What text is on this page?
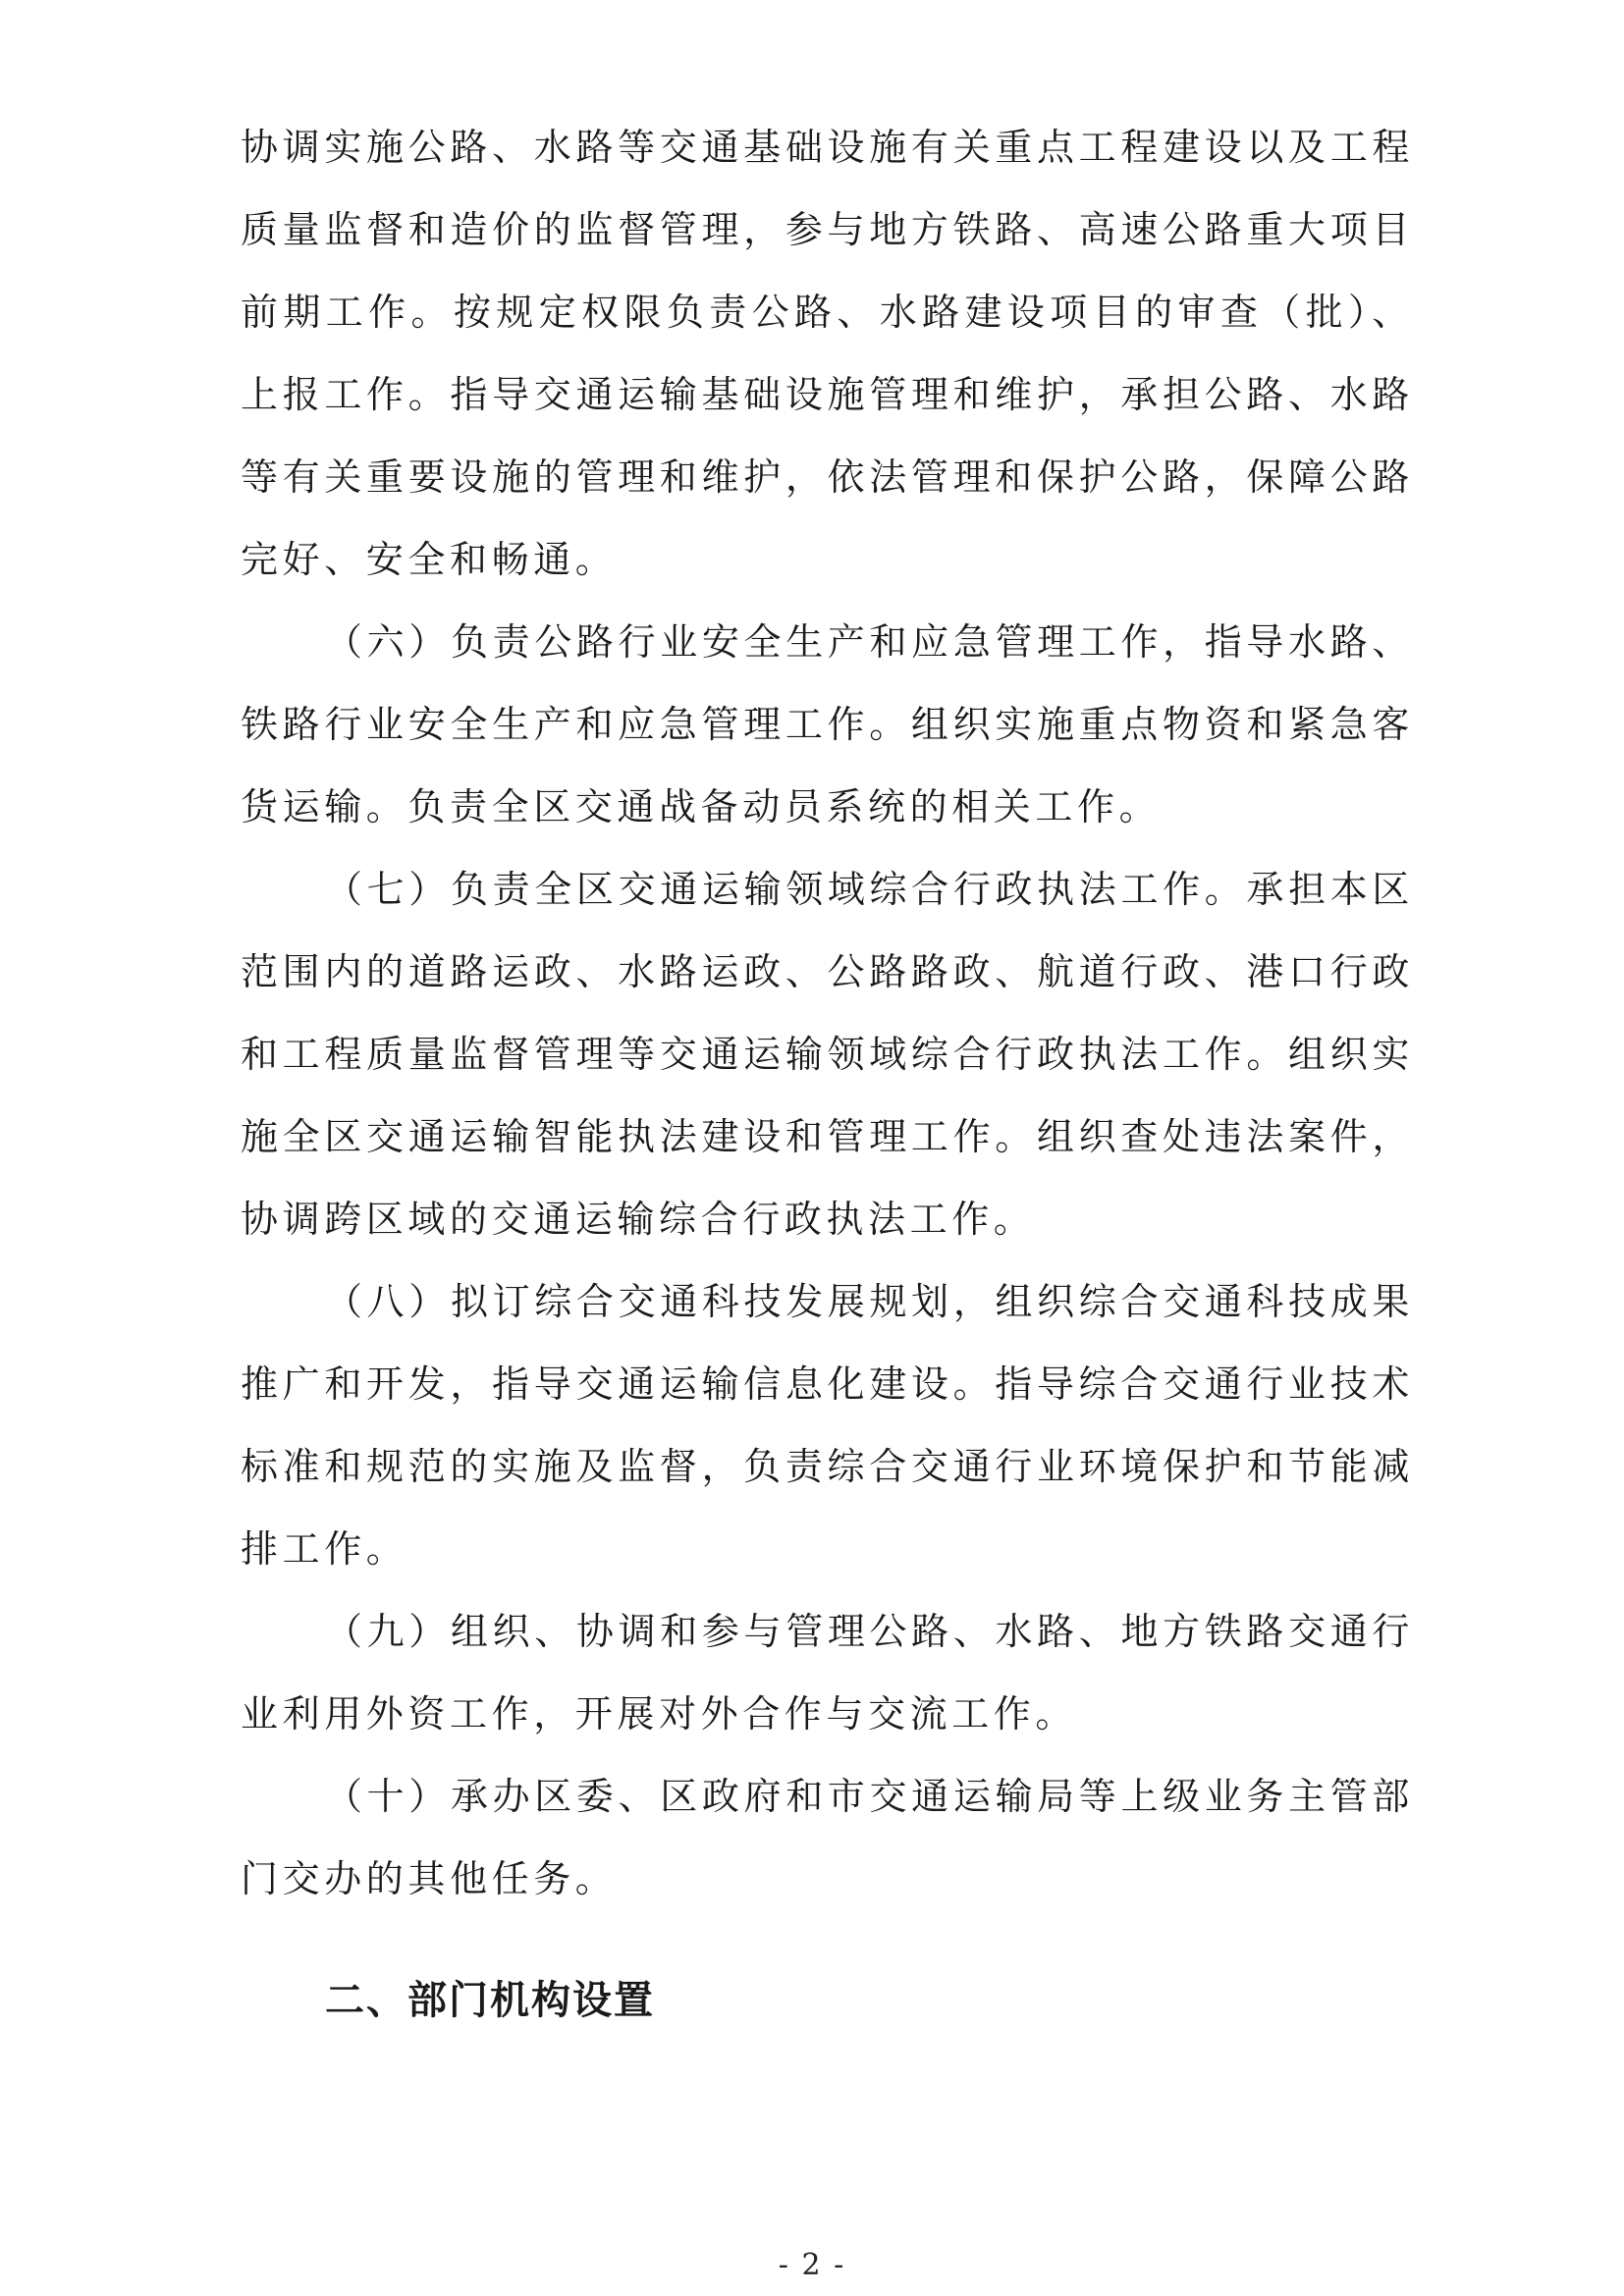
协调实施公路、水路等交通基础设施有关重点工程建设以及工程质量监督和造价的监督管理，参与地方铁路、高速公路重大项目前期工作。按规定权限负责公路、水路建设项目的审查（批）、上报工作。指导交通运输基础设施管理和维护，承担公路、水路等有关重要设施的管理和维护，依法管理和保护公路，保障公路完好、安全和畅通。

（六）负责公路行业安全生产和应急管理工作，指导水路、铁路行业安全生产和应急管理工作。组织实施重点物资和紧急客货运输。负责全区交通战备动员系统的相关工作。

（七）负责全区交通运输领域综合行政执法工作。承担本区范围内的道路运政、水路运政、公路路政、航道行政、港口行政和工程质量监督管理等交通运输领域综合行政执法工作。组织实施全区交通运输智能执法建设和管理工作。组织查处违法案件，协调跨区域的交通运输综合行政执法工作。

（八）拟订综合交通科技发展规划，组织综合交通科技成果推广和开发，指导交通运输信息化建设。指导综合交通行业技术标准和规范的实施及监督，负责综合交通行业环境保护和节能减排工作。

（九）组织、协调和参与管理公路、水路、地方铁路交通行业利用外资工作，开展对外合作与交流工作。

（十）承办区委、区政府和市交通运输局等上级业务主管部门交办的其他任务。

二、部门机构设置
- 2 -
